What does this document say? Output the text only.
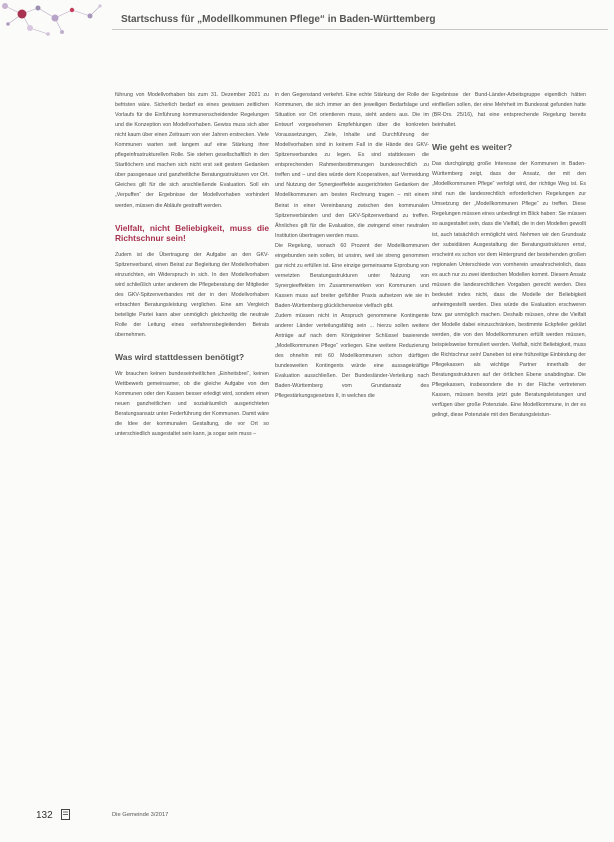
Startschuss für „Modellkommunen Pflege“ in Baden-Württemberg

führung von Modellvorhaben bis zum 31. Dezember 2021 zu befristen wäre. Sicherlich bedarf es eines gewissen zeitlichen Vorlaufs für die Einführung kommunenscheidender Regelungen und die Konzeption von Modellvorhaben. Gewiss muss sich aber nicht kaum über einen Zeitraum von vier Jahren erstrecken. Viele Kommunen warten seit langem auf eine Stärkung ihrer pflegeinfrastrukturellen Rolle. Sie stehen gesellschaftlich in den Startlöchern und machen sich nicht erst seit gestern Gedanken über passgenaue und ganzheitliche Beratungsstrukturen vor Ort. Gleiches gilt für die sich anschließende Evaluation. Soll ein „Verpuffen“ der Ergebnisse der Modellvorhaben vorhindert werden, müssen die Abläufe gestrafft werden.

Vielfalt, nicht Beliebigkeit, muss die Richtschnur sein!

Zudem ist die Übertragung der Aufgabe an den GKV-Spitzenverband, einen Beirat zur Begleitung der Modellvorhaben einzurichten, ein Widerspruch in sich. In den Modellvorhaben wird schließlich unter anderem die Pflegeberatung der Mitglieder des GKV-Spitzenverbandes mit der in den Modellvorhaben erbrachten Beratungsleistung verglichen. Eine am Vergleich beteiligte Partei kann aber unmöglich gleichzeitig die neutrale Rolle der Leitung eines verfahrensbegleitenden Beirats übernehmen.

Was wird stattdessen benötigt?

Wir brauchen keinen bundeseinheitlichen „Einheitsbrei“, keinen Wettbewerb gemeinsamer, ob die gleiche Aufgabe von den Kommunen oder den Kassen besser erledigt wird, sondern einen neuen ganzheitlichen und sozialräumlich ausgerichteten Beratungsansatz unter Federführung der Kommunen. Damit wäre die Idee der kommunalen Gestaltung, die vor Ort so unterschiedlich ausgestaltet sein kann, ja sogar sein muss –

in den Gegenstand verkehrt. Eine echte Stärkung der Rolle der Kommunen, die sich immer an den jeweiligen Bedarfslage und Situation vor Ort orientieren muss, sieht anders aus. Die im Entwurf vorgesehenen Empfehlungen über die konkreten Voraussetzungen, Ziele, Inhalte und Durchführung der Modellvorhaben sind in keinem Fall in die Hände des GKV-Spitzenverbandes zu legen. Es sind stattdessen die entsprechenden Rahmenbestimmungen bundesrechtlich zu treffen und – und dies würde dem Kooperativen, auf Vermeidung und Nutzung der Synergieeffekte ausgerichteten Gedanken der Modellkommunen am besten Rechnung tragen – mit einem Beirat in einer Vereinbarung zwischen den kommunalen Spitzenverbänden und den GKV-Spitzenverband zu treffen. Ähnliches gilt für die Evaluation, die zwingend einer neutralen Institution übertragen werden muss.

Die Regelung, wonach 60 Prozent der Modellkommunen eingebunden sein sollen, ist unsinn, weil sie streng genommen gar nicht zu erfüllen ist. Eine einzige gemeinsame Erprobung von vernetzten Beratungsstrukturen unter Nutzung von Synergieeffekten im Zusammenwirken von Kommunen und Kassen muss auf breiter gefühlter Praxis aufsetzen wie sie in Baden-Württemberg glücklicherweise vielfach gibt.

Zudem müssen nicht in Anspruch genommene Kontingente anderer Länder verteilungsfähig sein ... hierzu sollen weitere Anträge auf nach dem Königsteiner Schlüssel basierende „Modellkommunen Pflege“ vorliegen. Eine weitere Reduzierung des ohnehin mit 60 Modellkommunen schon dürftigen bundesweiten Kontingents würde eine aussagekräftige Evaluation ausschließen. Der Bundesländer-Verteilung nach Baden-Württemberg vom Grundansatz des Pflegestärkungsgesetzes II, in welches die

Ergebnisse der Bund-Länder-Arbeitsgruppe eigentlich hätten einfließen sollen, der eine Mehrheit im Bundesrat gefunden hatte (BR-Drs. 25/16), hat eine entsprechende Regelung bereits beinhaltet.

Wie geht es weiter?

Das durchgängig große Interesse der Kommunen in Baden-Württemberg zeigt, dass der Ansatz, der mit den „Modellkommunen Pflege“ verfolgt wird, der richtige Weg ist. Es sind nun die landesrechtlich erforderlichen Regelungen zur Umsetzung der „Modellkommunen Pflege“ zu treffen. Diese Regelungen müssen eines unbedingt im Blick haben: Sie müssen so ausgestaltet sein, dass die Vielfalt, die in den Modellen gewollt ist, auch tatsächlich ermöglicht wird. Nehmen wir den Grundsatz der subsidiären Ausgestaltung der Beratungsstrukturen ernst, erscheint es schon vor dem Hintergrund der bestehenden großen regionalen Unterschiede von vornherein unwahrscheinlich, dass es auch nur zu zwei identischen Modellen kommt. Diesem Ansatz müssen die landesrechtlichen Vorgaben gerecht werden. Dies bedeutet indes nicht, dass die Modelle der Beliebigkeit anheimgestellt werden. Dies würde die Evaluation erschweren bzw. gar unmöglich machen. Deshalb müssen, ohne die Vielfalt der Modelle dabei einzuschränken, bestimmte Eckpfeiler geklärt werden, die von den Modellkommunen erfüllt werden müssen, beispielsweise formuliert werden. Vielfalt, nicht Beliebigkeit, muss die Richtschnur sein! Daneben ist eine frühzeitige Einbindung der Pflegekassen als wichtige Partner innerhalb der Beratungsstrukturen auf der örtlichen Ebene unabdingbar. Die Pflegekassen, insbesondere die in der Fläche vertretenen Kassen, müssen bereits jetzt gute Beratungsleistungen und verfügen über große Potenziale. Eine Modellkommune, in der es gelingt, diese Potenziale mit den Beratungsleistun-

132	Die Gemeinde 3/2017
